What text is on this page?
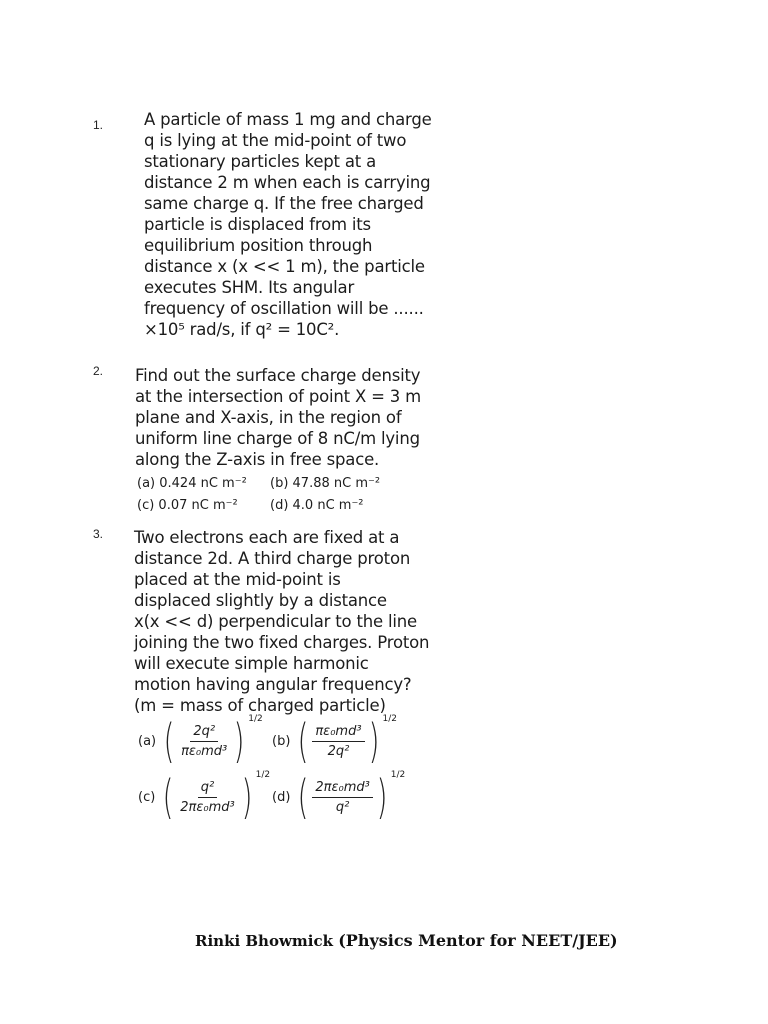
1. A particle of mass 1 mg and charge
q is lying at the mid-point of two
stationary particles kept at a
distance 2 m when each is carrying
same charge q. If the free charged
particle is displaced from its
equilibrium position through
distance x (x << 1 m), the particle
executes SHM. Its angular
frequency of oscillation will be ......
×10⁵ rad/s, if q² = 10C².
2. Find out the surface charge density
at the intersection of point X = 3 m
plane and X-axis, in the region of
uniform line charge of 8 nC/m lying
along the Z-axis in free space.
(a) 0.424 nC m⁻² (b) 47.88 nC m⁻²
(c) 0.07 nC m⁻² (d) 4.0 nC m⁻²
3. Two electrons each are fixed at a
distance 2d. A third charge proton
placed at the mid-point is
displaced slightly by a distance
x(x << d) perpendicular to the line
joining the two fixed charges. Proton
will execute simple harmonic
motion having angular frequency?
(m = mass of charged particle)
(a) ( $\frac{\text{2q²}}{\text{πε₀md³}}$ ) 1/2
(b) ( $\frac{\text{πε₀md³}}{\text{2q²}}$ ) 1/2
(c) ( $\frac{\text{q²}}{\text{2πε₀md³}}$ ) 1/2
(d) ( $\frac{\text{2πε₀md³}}{\text{q²}}$ ) 1/2
Rinki Bhowmick (Physics Mentor for NEET/JEE)
